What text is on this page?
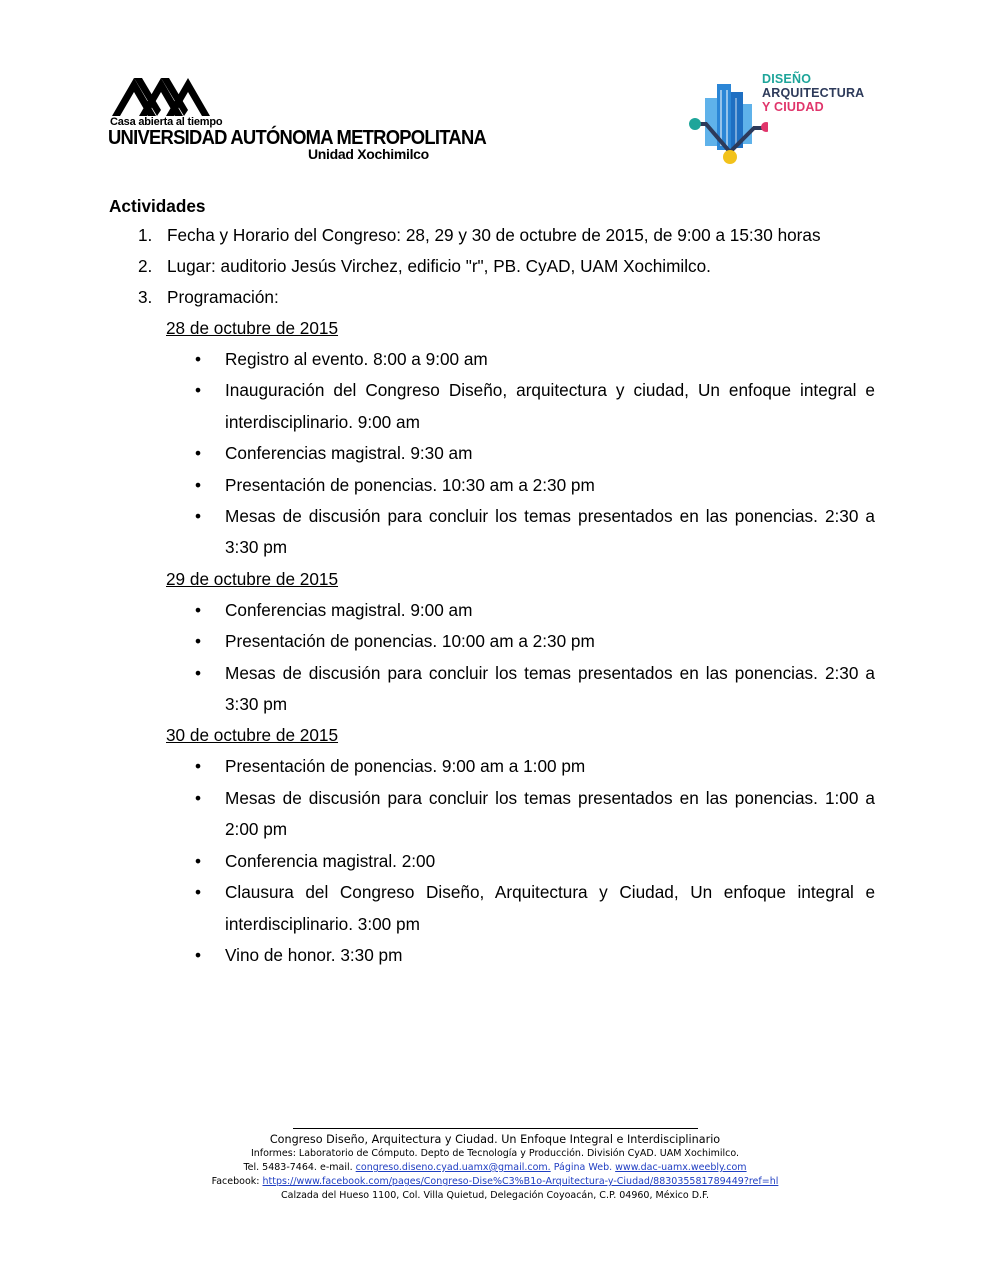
Casa abierta al tiempo
UNIVERSIDAD AUTÓNOMA METROPOLITANA
Unidad Xochimilco
DISEÑO
ARQUITECTURA
Y CIUDAD
Actividades
1. Fecha y Horario del Congreso: 28, 29 y 30 de octubre de 2015, de 9:00 a 15:30 horas
2. Lugar: auditorio Jesús Virchez, edificio "r", PB. CyAD, UAM Xochimilco.
3. Programación:
28 de octubre de 2015
• Registro al evento. 8:00 a 9:00 am
• Inauguración del Congreso Diseño, arquitectura y ciudad, Un enfoque integral e interdisciplinario. 9:00 am
• Conferencias magistral. 9:30 am
• Presentación de ponencias. 10:30 am a 2:30 pm
• Mesas de discusión para concluir los temas presentados en las ponencias. 2:30 a 3:30 pm
29 de octubre de 2015
• Conferencias magistral. 9:00 am
• Presentación de ponencias. 10:00 am a 2:30 pm
• Mesas de discusión para concluir los temas presentados en las ponencias. 2:30 a 3:30 pm
30 de octubre de 2015
• Presentación de ponencias. 9:00 am a 1:00 pm
• Mesas de discusión para concluir los temas presentados en las ponencias. 1:00 a 2:00 pm
• Conferencia magistral. 2:00
• Clausura del Congreso Diseño, Arquitectura y Ciudad, Un enfoque integral e interdisciplinario. 3:00 pm
• Vino de honor. 3:30 pm
Congreso Diseño, Arquitectura y Ciudad. Un Enfoque Integral e Interdisciplinario
Informes: Laboratorio de Cómputo. Depto de Tecnología y Producción. División CyAD. UAM Xochimilco.
Tel. 5483-7464. e-mail. congreso.diseno.cyad.uamx@gmail.com. Página Web. www.dac-uamx.weebly.com
Facebook: https://www.facebook.com/pages/Congreso-Dise%C3%B1o-Arquitectura-y-Ciudad/883035581789449?ref=hl
Calzada del Hueso 1100, Col. Villa Quietud, Delegación Coyoacán, C.P. 04960, México D.F.
